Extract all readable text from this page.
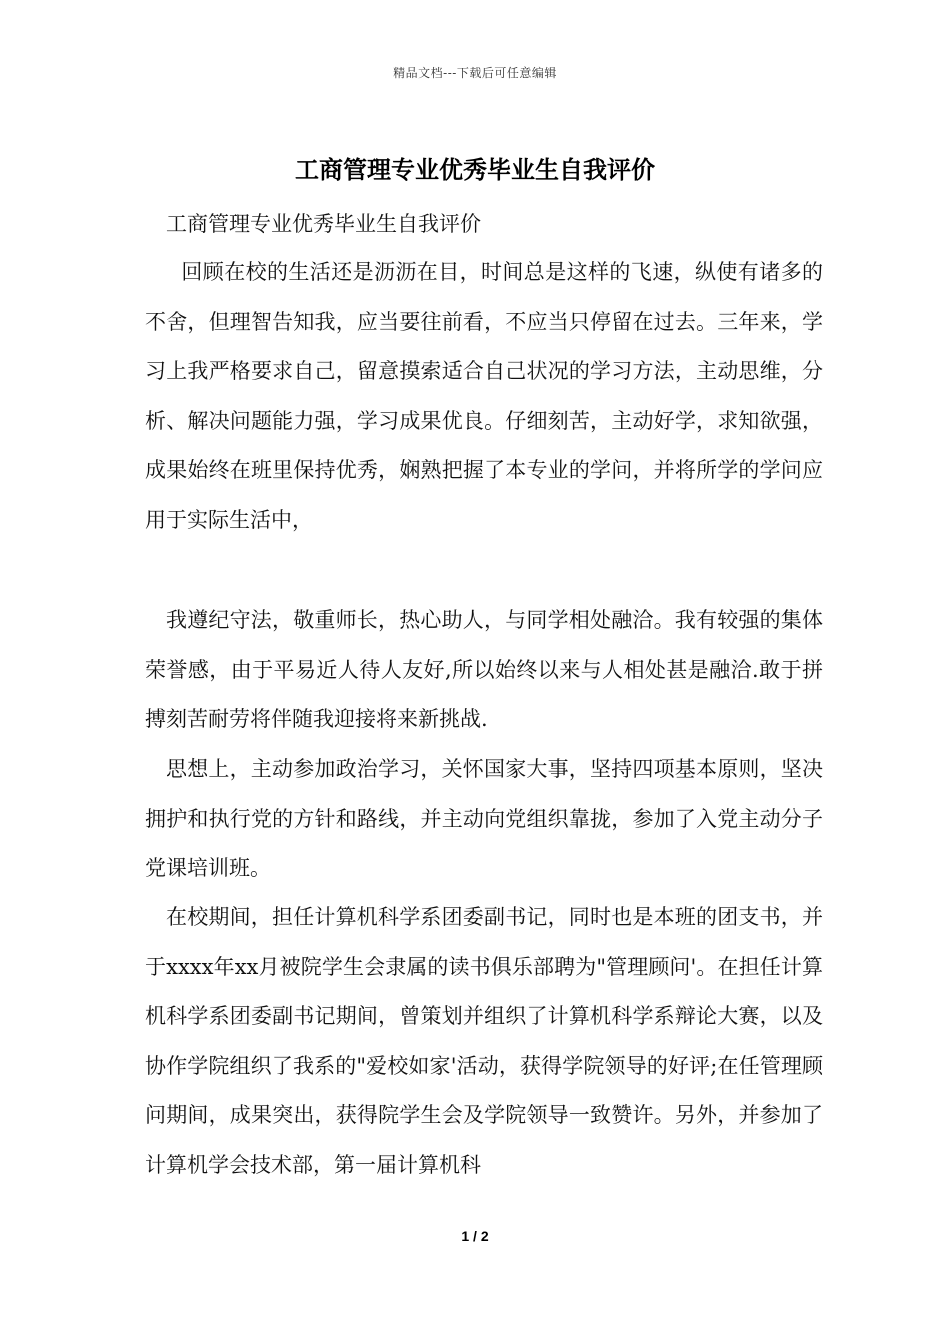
精品文档---下载后可任意编辑
工商管理专业优秀毕业生自我评价
工商管理专业优秀毕业生自我评价

　回顾在校的生活还是沥沥在目，时间总是这样的飞速，纵使有诸多的不舍，但理智告知我，应当要往前看，不应当只停留在过去。三年来，学习上我严格要求自己，留意摸索适合自己状况的学习方法，主动思维，分析、解决问题能力强，学习成果优良。仔细刻苦，主动好学，求知欲强，成果始终在班里保持优秀，娴熟把握了本专业的学问，并将所学的学问应用于实际生活中，

我遵纪守法，敬重师长，热心助人，与同学相处融洽。我有较强的集体荣誉感，由于平易近人待人友好,所以始终以来与人相处甚是融洽.敢于拼搏刻苦耐劳将伴随我迎接将来新挑战.

思想上，主动参加政治学习，关怀国家大事，坚持四项基本原则，坚决拥护和执行党的方针和路线，并主动向党组织靠拢，参加了入党主动分子党课培训班。

在校期间，担任计算机科学系团委副书记，同时也是本班的团支书，并于xxxx年xx月被院学生会隶属的读书俱乐部聘为"管理顾问'。在担任计算机科学系团委副书记期间，曾策划并组织了计算机科学系辩论大赛，以及协作学院组织了我系的"爱校如家'活动，获得学院领导的好评;在任管理顾问期间，成果突出，获得院学生会及学院领导一致赞许。另外，并参加了计算机学会技术部，第一届计算机科

1 / 2
